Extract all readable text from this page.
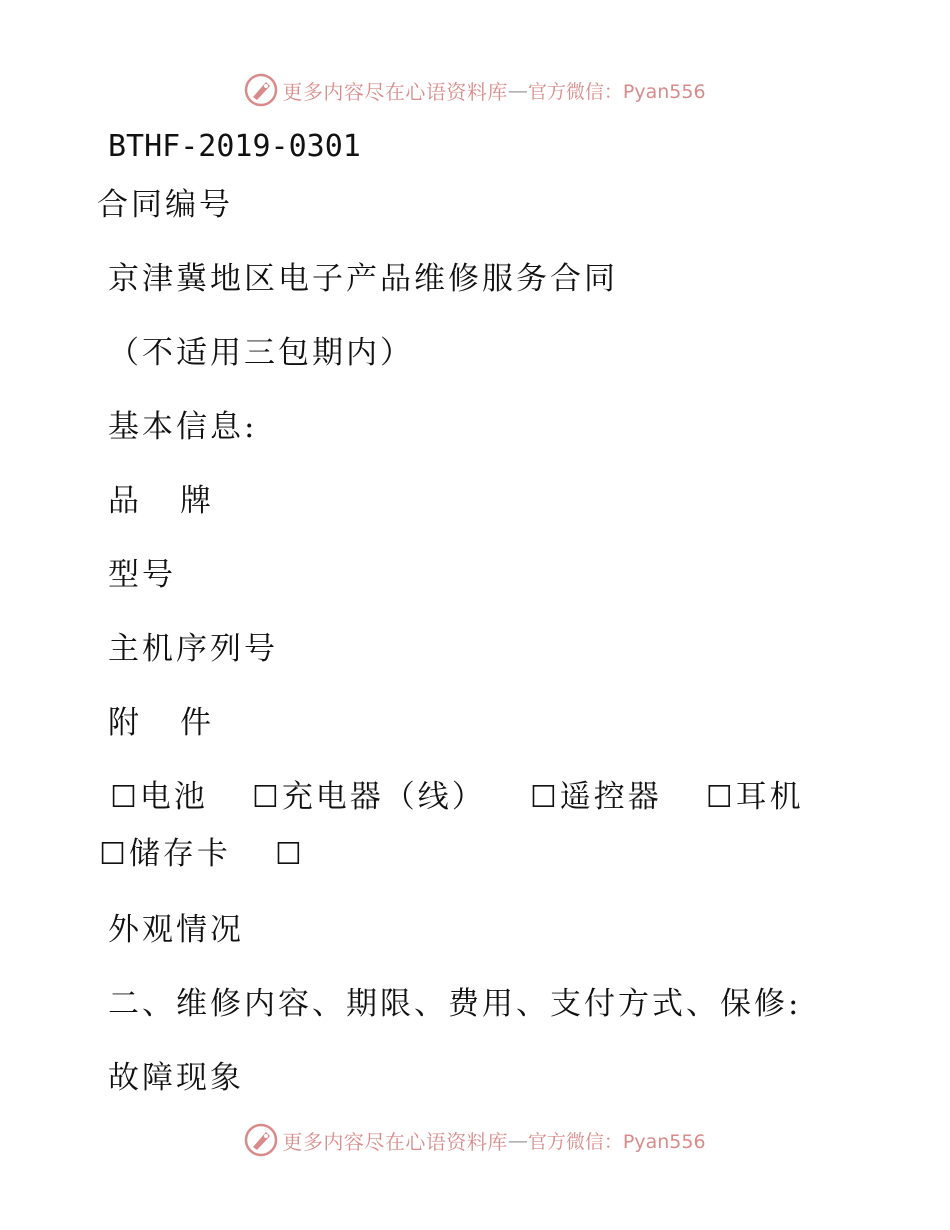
更多内容尽在心语资料库 — 官方微信：Pyan556
BTHF-2019-0301
合同编号
京津冀地区电子产品维修服务合同
（不适用三包期内）
基本信息:
品 牌
型号
主机序列号
附 件
☐电池 ☐充电器（线） ☐遥控器 ☐耳机
☐储存卡 ☐
外观情况
二、维修内容、期限、费用、支付方式、保修:
故障现象
更多内容尽在心语资料库 — 官方微信：Pyan556
